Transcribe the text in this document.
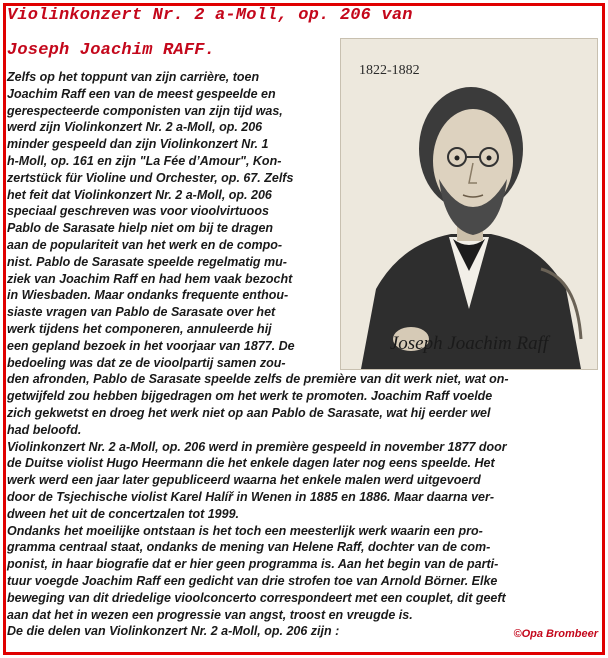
Violinkonzert Nr. 2 a-Moll, op. 206 van
Joseph Joachim RAFF.
1822-1882
Joseph Joachim Raff
Zelfs op het toppunt van zijn carrière, toen
Joachim Raff een van de meest gespeelde en
gerespecteerde componisten van zijn tijd was,
werd zijn Violinkonzert Nr. 2 a-Moll, op. 206
minder gespeeld dan zijn Violinkonzert Nr. 1
h-Moll, op. 161 en zijn "La Fée d’Amour", Kon-
zertstück für Violine und Orchester, op. 67. Zelfs
het feit dat Violinkonzert Nr. 2 a-Moll, op. 206
speciaal geschreven was voor vioolvirtuoos
Pablo de Sarasate hielp niet om bij te dragen
aan de populariteit van het werk en de compo-
nist. Pablo de Sarasate speelde regelmatig mu-
ziek van Joachim Raff en had hem vaak bezocht
in Wiesbaden. Maar ondanks frequente enthou-
siaste vragen van Pablo de Sarasate over het
werk tijdens het componeren, annuleerde hij
een gepland bezoek in het voorjaar van 1877. De
bedoeling was dat ze de vioolpartij samen zou-
den afronden, Pablo de Sarasate speelde zelfs de première van dit werk niet, wat on-
getwijfeld zou hebben bijgedragen om het werk te promoten. Joachim Raff voelde
zich gekwetst en droeg het werk niet op aan Pablo de Sarasate, wat hij eerder wel
had beloofd.
Violinkonzert Nr. 2 a-Moll, op. 206 werd in première gespeeld in november 1877 door
de Duitse violist Hugo Heermann die het enkele dagen later nog eens speelde. Het
werk werd een jaar later gepubliceerd waarna het enkele malen werd uitgevoerd
door de Tsjechische violist Karel Halíř in Wenen in 1885 en 1886. Maar daarna ver-
dween het uit de concertzalen tot 1999.
Ondanks het moeilijke ontstaan is het toch een meesterlijk werk waarin een pro-
gramma centraal staat, ondanks de mening van Helene Raff, dochter van de com-
ponist, in haar biografie dat er hier geen programma is. Aan het begin van de parti-
tuur voegde Joachim Raff een gedicht van drie strofen toe van Arnold Börner. Elke
beweging van dit driedelige vioolconcerto correspondeert met een couplet, dit geeft
aan dat het in wezen een progressie van angst, troost en vreugde is.
De die delen van Violinkonzert Nr. 2 a-Moll, op. 206 zijn :	©Opa Brombeer
